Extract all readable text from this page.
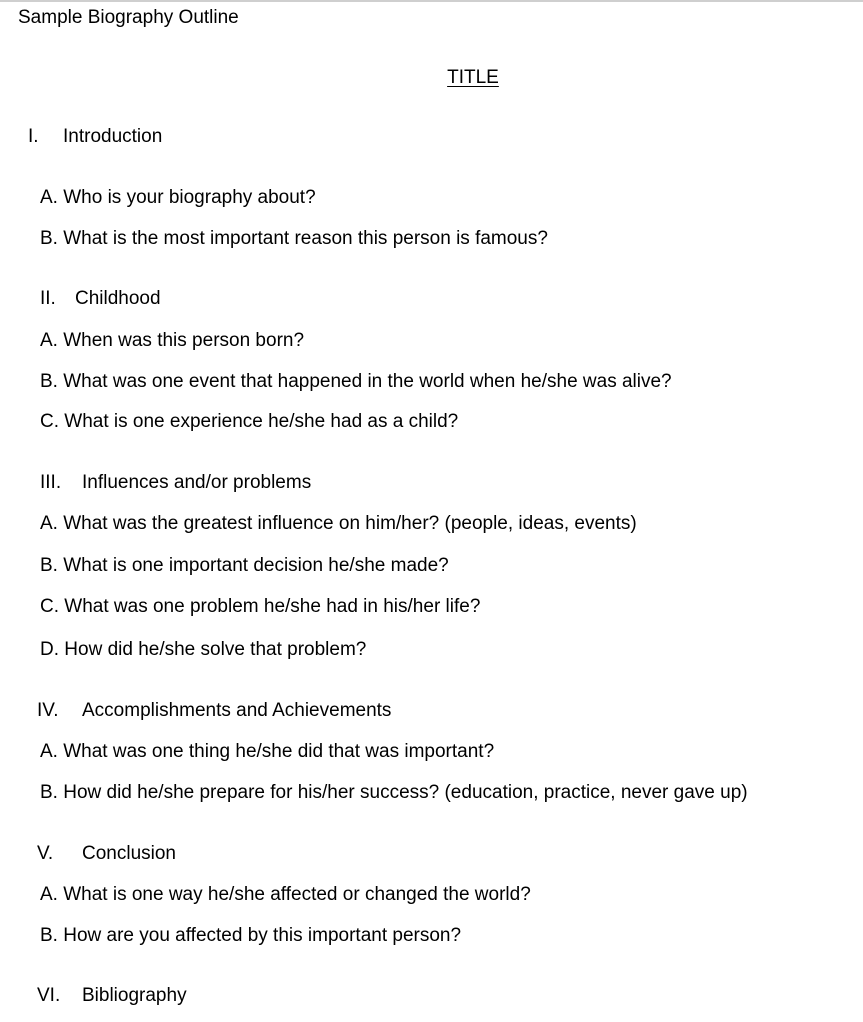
Sample Biography Outline
TITLE
I. Introduction
A. Who is your biography about?
B. What is the most important reason this person is famous?
II. Childhood
A. When was this person born?
B. What was one event that happened in the world when he/she was alive?
C. What is one experience he/she had as a child?
III. Influences and/or problems
A. What was the greatest influence on him/her? (people, ideas, events)
B. What is one important decision he/she made?
C. What was one problem he/she had in his/her life?
D. How did he/she solve that problem?
IV. Accomplishments and Achievements
A. What was one thing he/she did that was important?
B. How did he/she prepare for his/her success? (education, practice, never gave up)
V. Conclusion
A. What is one way he/she affected or changed the world?
B. How are you affected by this important person?
VI. Bibliography
